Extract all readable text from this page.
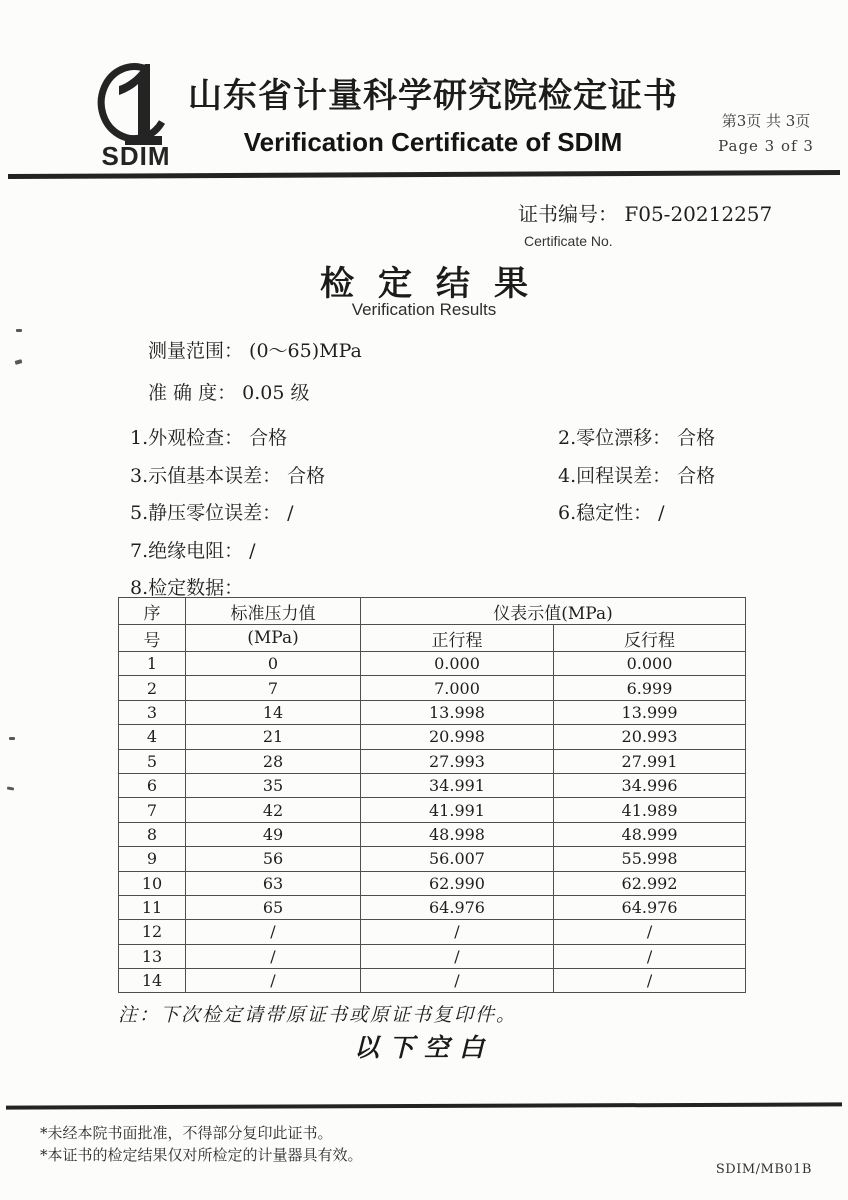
SDIM
山东省计量科学研究院检定证书
Verification Certificate of SDIM
第3页 共 3页
Page 3 of 3
证书编号： F05-20212257
Certificate No.
检定结果
Verification Results
测量范围： (0～65)MPa
准 确 度： 0.05 级
1.外观检查： 合格
3.示值基本误差： 合格
5.静压零位误差： /
7.绝缘电阻： /
8.检定数据：
2.零位漂移： 合格
4.回程误差： 合格
6.稳定性： /
序	标准压力值	仪表示值(MPa)	
号	(MPa)	正行程	反行程
1	0	0.000	0.000
2	7	7.000	6.999
3	14	13.998	13.999
4	21	20.998	20.993
5	28	27.993	27.991
6	35	34.991	34.996
7	42	41.991	41.989
8	49	48.998	48.999
9	56	56.007	55.998
10	63	62.990	62.992
11	65	64.976	64.976
12	/	/	/
13	/	/	/
14	/	/	/
注：下次检定请带原证书或原证书复印件。
以下空白
*未经本院书面批准，不得部分复印此证书。
*本证书的检定结果仅对所检定的计量器具有效。
SDIM/MB01B
